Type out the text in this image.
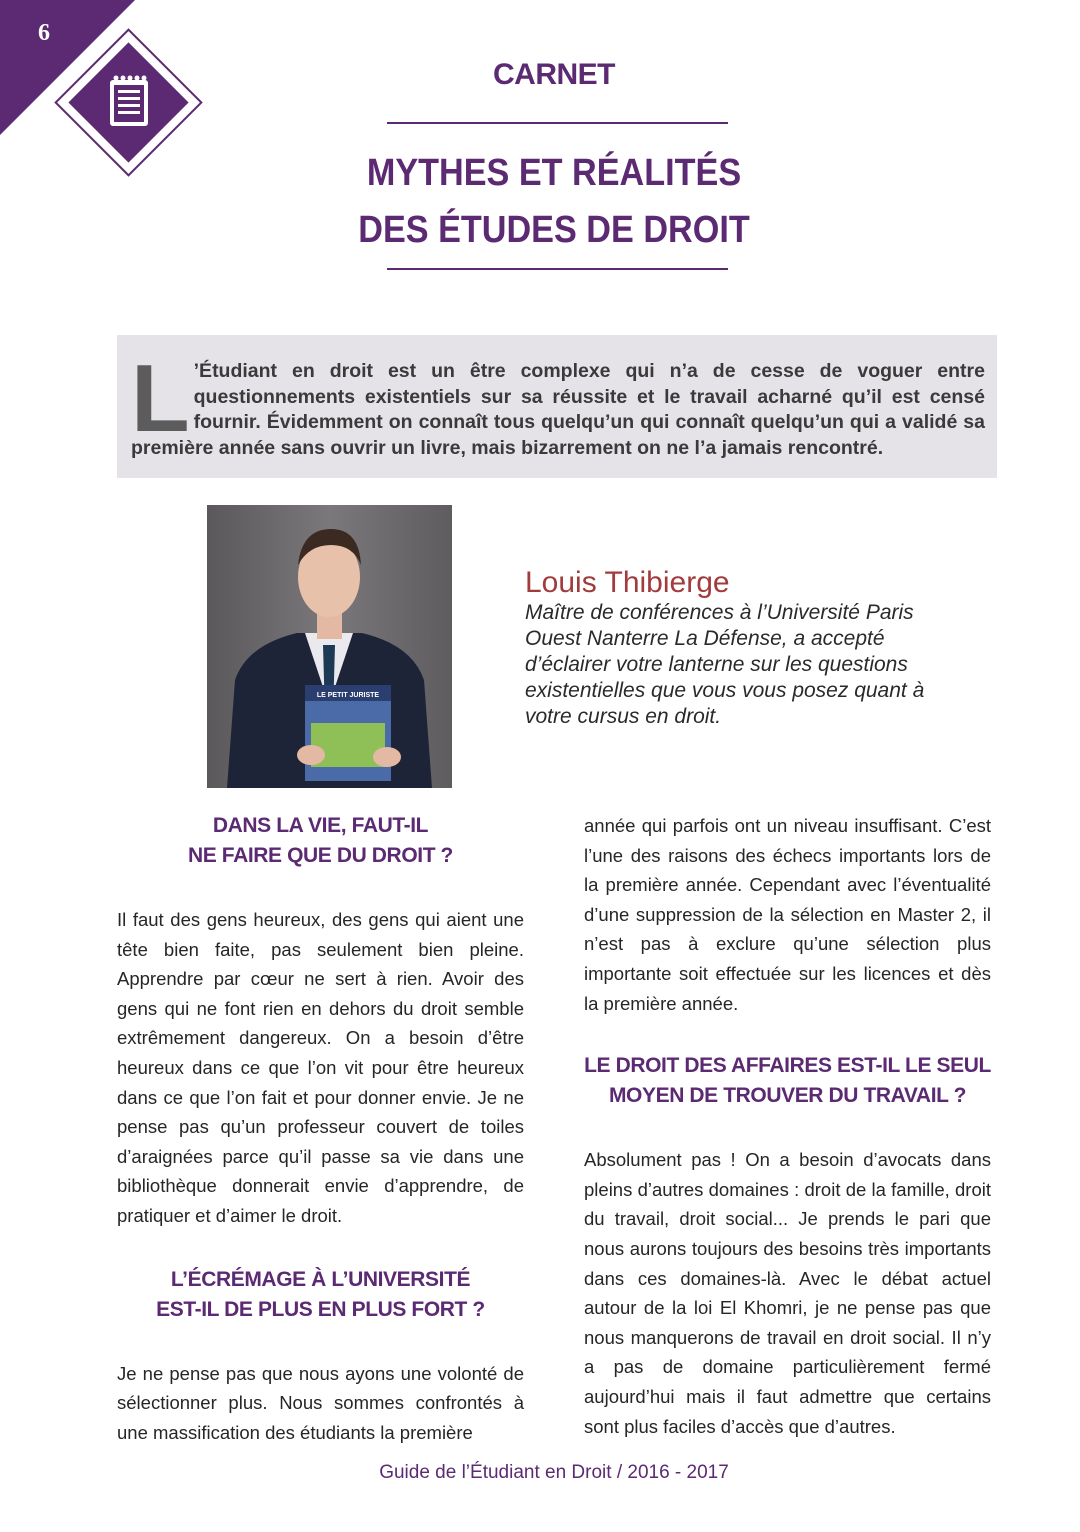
6
CARNET
MYTHES ET RÉALITÉS
DES ÉTUDES DE DROIT
L ’Étudiant en droit est un être complexe qui n’a de cesse de voguer entre questionnements existentiels sur sa réussite et le travail acharné qu’il est censé fournir. Évidemment on connaît tous quelqu’un qui connaît quelqu’un qui a validé sa première année sans ouvrir un livre, mais bizarrement on ne l’a jamais rencontré.

LE PETIT JURISTE
Louis Thibierge
Maître de conférences à l’Université Paris Ouest Nanterre La Défense, a accepté d’éclairer votre lanterne sur les questions existentielles que vous vous posez quant à votre cursus en droit.
DANS LA VIE, FAUT-IL
NE FAIRE QUE DU DROIT ?

Il faut des gens heureux, des gens qui aient une tête bien faite, pas seulement bien pleine. Apprendre par cœur ne sert à rien. Avoir des gens qui ne font rien en dehors du droit semble extrêmement dangereux. On a besoin d’être heureux dans ce que l’on vit pour être heureux dans ce que l’on fait et pour donner envie. Je ne pense pas qu’un professeur couvert de toiles d’araignées parce qu’il passe sa vie dans une bibliothèque donnerait envie d’apprendre, de pratiquer et d’aimer le droit.

L’ÉCRÉMAGE À L’UNIVERSITÉ
EST-IL DE PLUS EN PLUS FORT ?

Je ne pense pas que nous ayons une volonté de sélectionner plus. Nous sommes confrontés à une massification des étudiants la première

année qui parfois ont un niveau insuffisant. C’est l’une des raisons des échecs importants lors de la première année. Cependant avec l’éventualité d’une suppression de la sélection en Master 2, il n’est pas à exclure qu’une sélection plus importante soit effectuée sur les licences et dès la première année.

LE DROIT DES AFFAIRES EST-IL LE SEUL
MOYEN DE TROUVER DU TRAVAIL ?

Absolument pas ! On a besoin d’avocats dans pleins d’autres domaines : droit de la famille, droit du travail, droit social... Je prends le pari que nous aurons toujours des besoins très importants dans ces domaines-là. Avec le débat actuel autour de la loi El Khomri, je ne pense pas que nous manquerons de travail en droit social. Il n’y a pas de domaine particulièrement fermé aujourd’hui mais il faut admettre que certains sont plus faciles d’accès que d’autres.

Guide de l’Étudiant en Droit / 2016 - 2017
